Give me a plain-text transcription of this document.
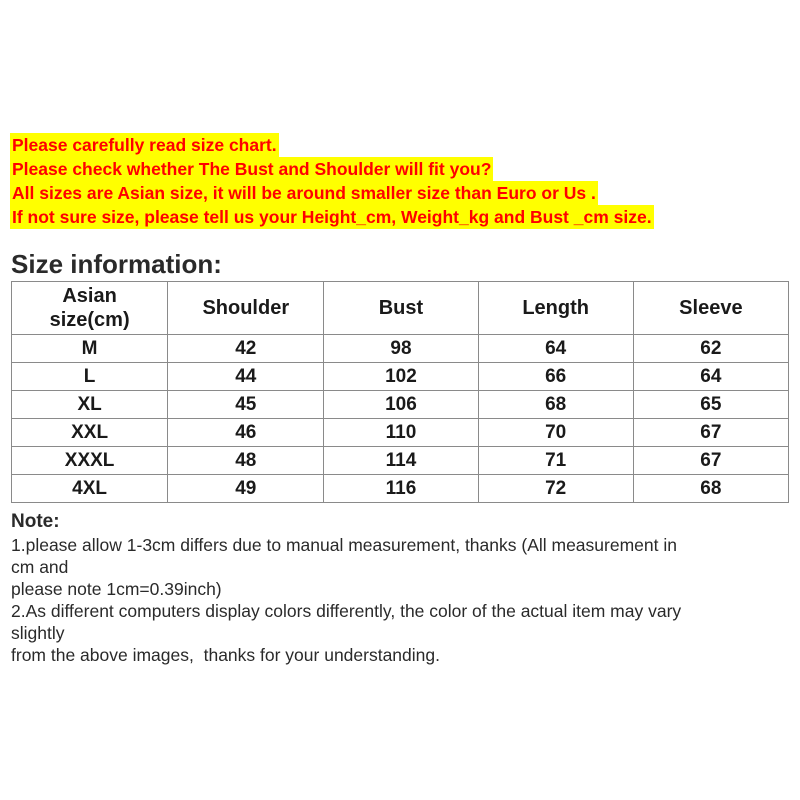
Please carefully read size chart.
Please check whether The Bust and Shoulder will fit you?
All sizes are Asian size, it will be around smaller size than Euro or Us .
If not sure size, please tell us your Height_cm, Weight_kg and Bust _cm size.
Size information:
Asian
size(cm)	Shoulder	Bust	Length	Sleeve
M	42	98	64	62
L	44	102	66	64
XL	45	106	68	65
XXL	46	110	70	67
XXXL	48	114	71	67
4XL	49	116	72	68
Note:
1.please allow 1-3cm differs due to manual measurement, thanks (All measurement in
cm and
please note 1cm=0.39inch)
2.As different computers display colors differently, the color of the actual item may vary
slightly
from the above images,  thanks for your understanding.
